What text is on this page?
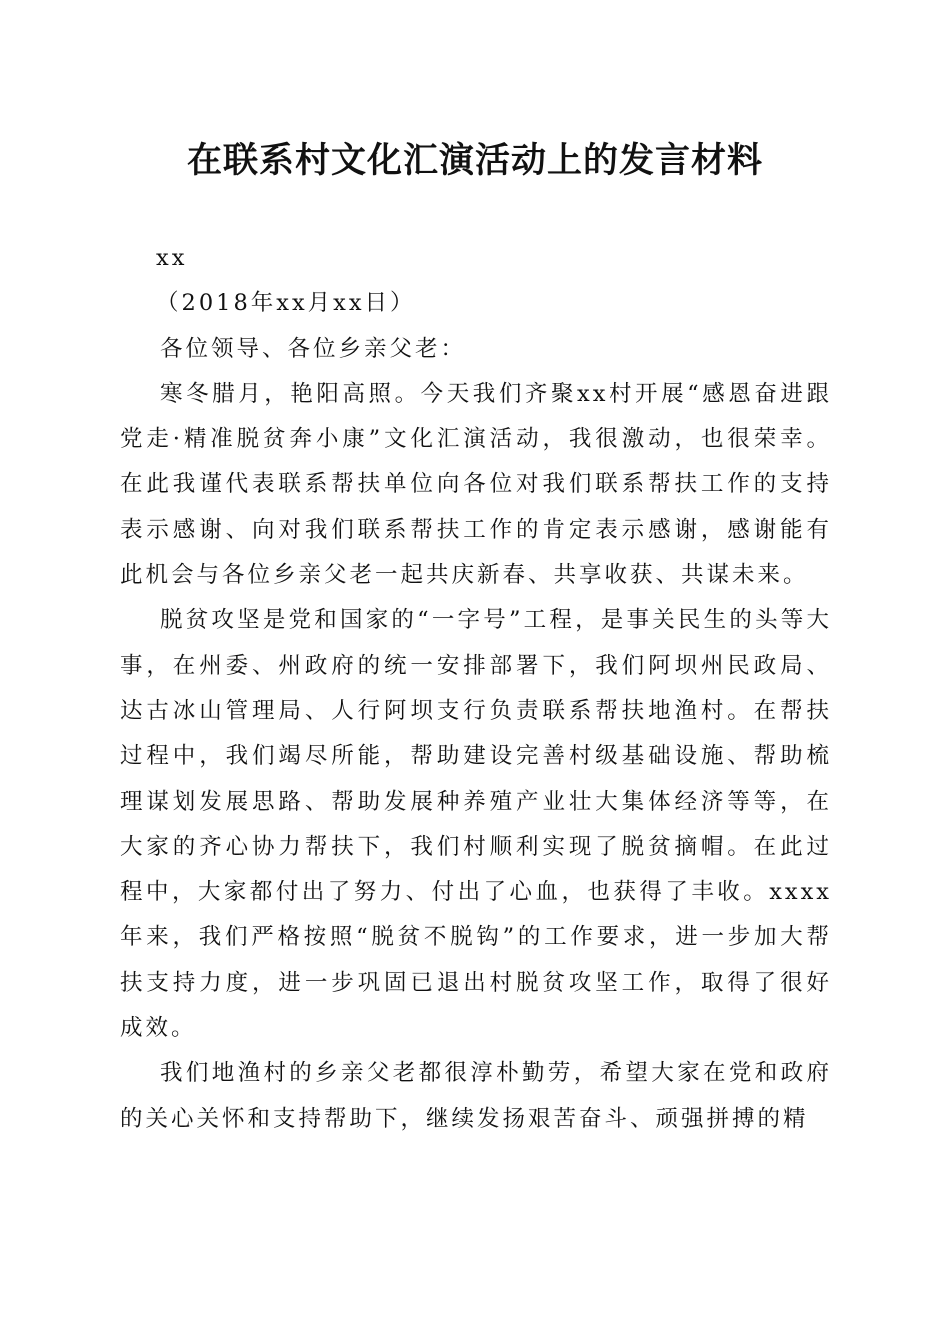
在联系村文化汇演活动上的发言材料

xx

（2018年xx月xx日）

各位领导、各位乡亲父老：

寒冬腊月，艳阳高照。今天我们齐聚xx村开展“感恩奋进跟党走·精准脱贫奔小康”文化汇演活动，我很激动，也很荣幸。在此我谨代表联系帮扶单位向各位对我们联系帮扶工作的支持表示感谢、向对我们联系帮扶工作的肯定表示感谢，感谢能有此机会与各位乡亲父老一起共庆新春、共享收获、共谋未来。

脱贫攻坚是党和国家的“一字号”工程，是事关民生的头等大事，在州委、州政府的统一安排部署下，我们阿坝州民政局、达古冰山管理局、人行阿坝支行负责联系帮扶地渔村。在帮扶过程中，我们竭尽所能，帮助建设完善村级基础设施、帮助梳理谋划发展思路、帮助发展种养殖产业壮大集体经济等等，在大家的齐心协力帮扶下，我们村顺利实现了脱贫摘帽。在此过程中，大家都付出了努力、付出了心血，也获得了丰收。xxxx年来，我们严格按照“脱贫不脱钩”的工作要求，进一步加大帮扶支持力度，进一步巩固已退出村脱贫攻坚工作，取得了很好成效。

我们地渔村的乡亲父老都很淳朴勤劳，希望大家在党和政府的关心关怀和支持帮助下，继续发扬艰苦奋斗、顽强拼搏的精
